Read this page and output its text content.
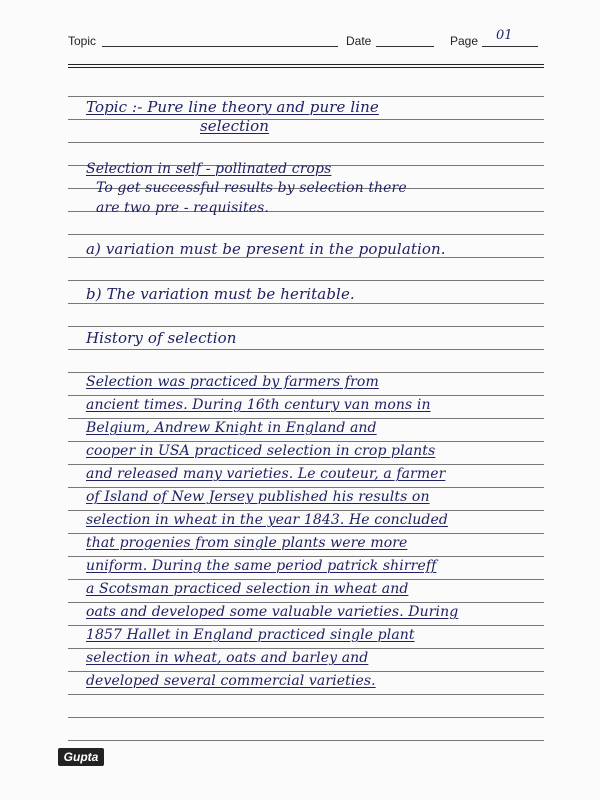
Topic	Date	Page 01
Topic :- Pure line theory and pure line
selection
Selection in self - pollinated crops
To get successful results by selection there
are two pre - requisites.
a) variation must be present in the population.
b) The variation must be heritable.
History of selection
Selection was practiced by farmers from
ancient times. During 16th century van mons in
Belgium, Andrew Knight in England and
cooper in USA practiced selection in crop plants
and released many varieties. Le couteur, a farmer
of Island of New Jersey published his results on
selection in wheat in the year 1843. He concluded
that progenies from single plants were more
uniform. During the same period patrick shirreff
a Scotsman practiced selection in wheat and
oats and developed some valuable varieties. During
1857 Hallet in England practiced single plant
selection in wheat, oats and barley and
developed several commercial varieties.
Gupta
